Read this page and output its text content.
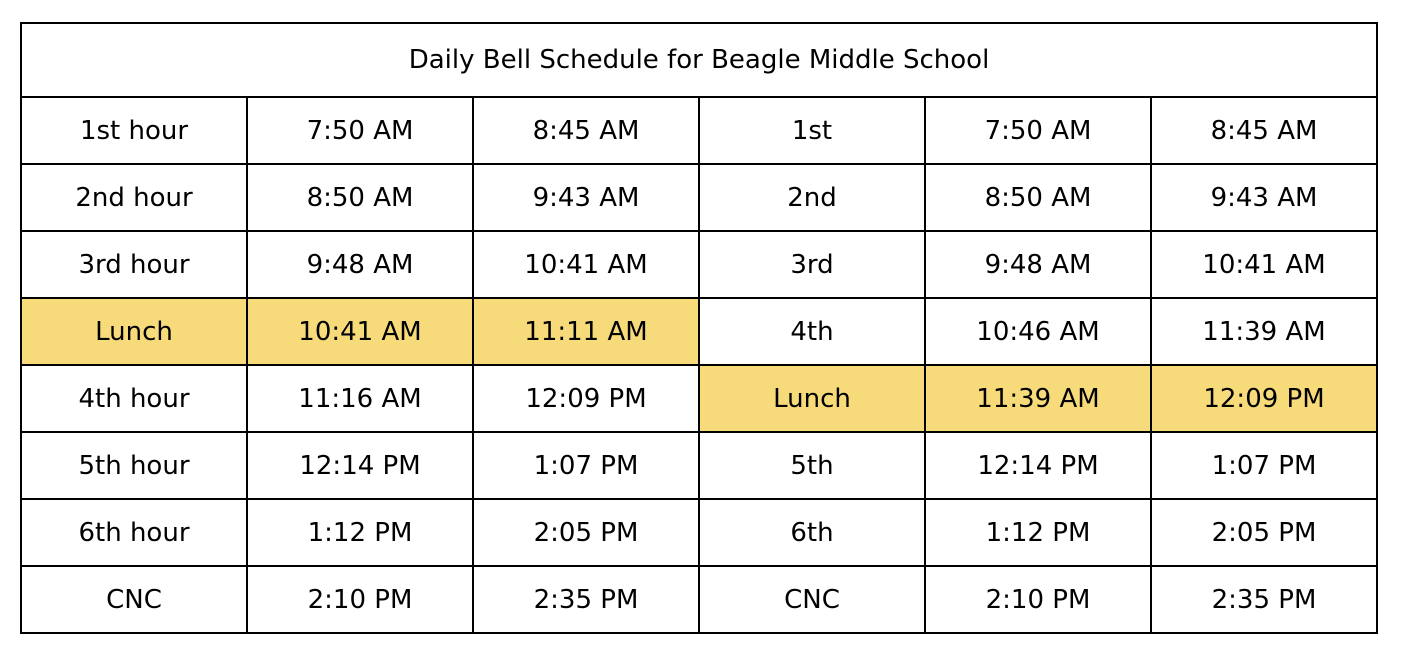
Daily Bell Schedule for Beagle Middle School					
1st hour	7:50 AM	8:45 AM	1st	7:50 AM	8:45 AM
2nd hour	8:50 AM	9:43 AM	2nd	8:50 AM	9:43 AM
3rd hour	9:48 AM	10:41 AM	3rd	9:48 AM	10:41 AM
Lunch	10:41 AM	11:11 AM	4th	10:46 AM	11:39 AM
4th hour	11:16 AM	12:09 PM	Lunch	11:39 AM	12:09 PM
5th hour	12:14 PM	1:07 PM	5th	12:14 PM	1:07 PM
6th hour	1:12 PM	2:05 PM	6th	1:12 PM	2:05 PM
CNC	2:10 PM	2:35 PM	CNC	2:10 PM	2:35 PM
